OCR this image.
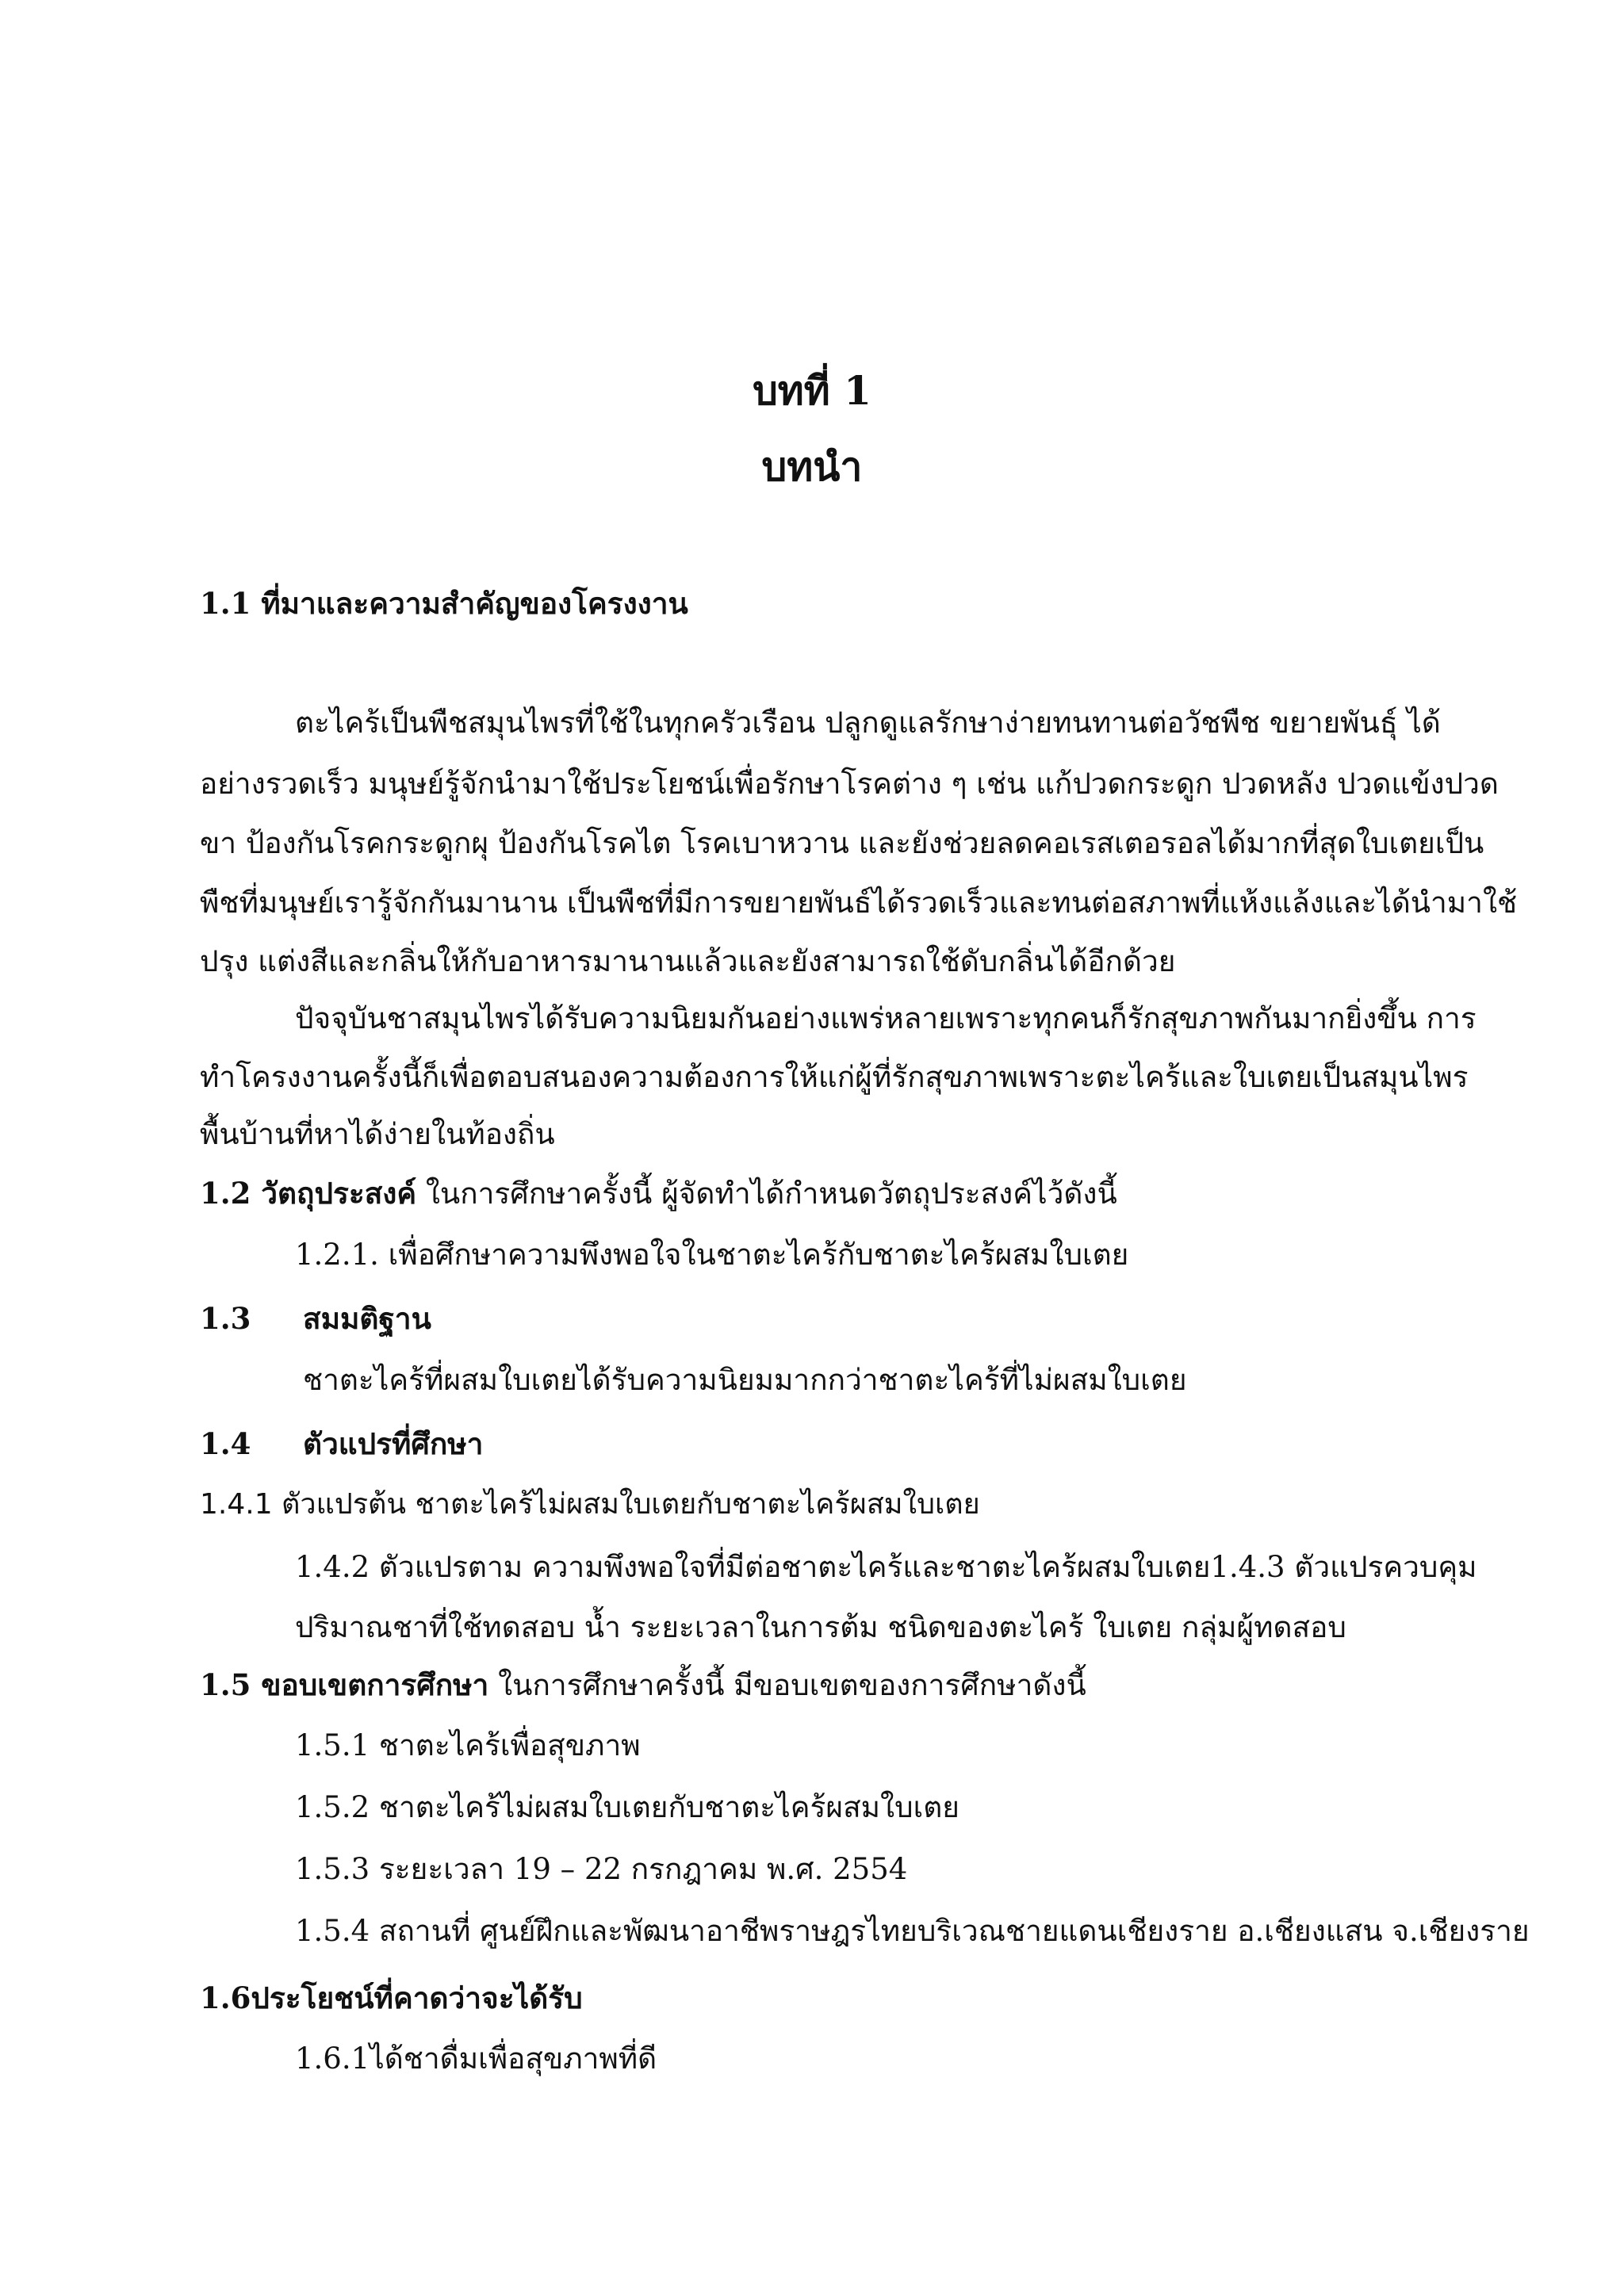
บทที่ 1
บทนำ
1.1 ที่มาและความสำคัญของโครงงาน
ตะไคร้เป็นพืชสมุนไพรที่ใช้ในทุกครัวเรือน ปลูกดูแลรักษาง่ายทนทานต่อวัชพืช ขยายพันธุ์ ได้
อย่างรวดเร็ว มนุษย์รู้จักนำมาใช้ประโยชน์เพื่อรักษาโรคต่าง ๆ เช่น แก้ปวดกระดูก ปวดหลัง ปวดแข้งปวด
ขา ป้องกันโรคกระดูกผุ ป้องกันโรคไต โรคเบาหวาน และยังช่วยลดคอเรสเตอรอลได้มากที่สุดใบเตยเป็น
พืชที่มนุษย์เรารู้จักกันมานาน เป็นพืชที่มีการขยายพันธ์ได้รวดเร็วและทนต่อสภาพที่แห้งแล้งและได้นำมาใช้
ปรุง แต่งสีและกลิ่นให้กับอาหารมานานแล้วและยังสามารถใช้ดับกลิ่นได้อีกด้วย
ปัจจุบันชาสมุนไพรได้รับความนิยมกันอย่างแพร่หลายเพราะทุกคนก็รักสุขภาพกันมากยิ่งขึ้น การ
ทำโครงงานครั้งนี้ก็เพื่อตอบสนองความต้องการให้แก่ผู้ที่รักสุขภาพเพราะตะไคร้และใบเตยเป็นสมุนไพร
พื้นบ้านที่หาได้ง่ายในท้องถิ่น
1.2 วัตถุประสงค์ ในการศึกษาครั้งนี้ ผู้จัดทำได้กำหนดวัตถุประสงค์ไว้ดังนี้
1.2.1. เพื่อศึกษาความพึงพอใจในชาตะไคร้กับชาตะไคร้ผสมใบเตย
1.3 สมมติฐาน
ชาตะไคร้ที่ผสมใบเตยได้รับความนิยมมากกว่าชาตะไคร้ที่ไม่ผสมใบเตย
1.4 ตัวแปรที่ศึกษา
1.4.1 ตัวแปรต้น ชาตะไคร้ไม่ผสมใบเตยกับชาตะไคร้ผสมใบเตย
1.4.2 ตัวแปรตาม ความพึงพอใจที่มีต่อชาตะไคร้และชาตะไคร้ผสมใบเตย1.4.3 ตัวแปรควบคุม
ปริมาณชาที่ใช้ทดสอบ น้ำ ระยะเวลาในการต้ม ชนิดของตะไคร้ ใบเตย กลุ่มผู้ทดสอบ
1.5 ขอบเขตการศึกษา ในการศึกษาครั้งนี้ มีขอบเขตของการศึกษาดังนี้
1.5.1 ชาตะไคร้เพื่อสุขภาพ
1.5.2 ชาตะไคร้ไม่ผสมใบเตยกับชาตะไคร้ผสมใบเตย
1.5.3 ระยะเวลา 19 – 22 กรกฎาคม พ.ศ. 2554
1.5.4 สถานที่ ศูนย์ฝึกและพัฒนาอาชีพราษฎรไทยบริเวณชายแดนเชียงราย อ.เชียงแสน จ.เชียงราย
1.6ประโยชน์ที่คาดว่าจะได้รับ
1.6.1ได้ชาดื่มเพื่อสุขภาพที่ดี
